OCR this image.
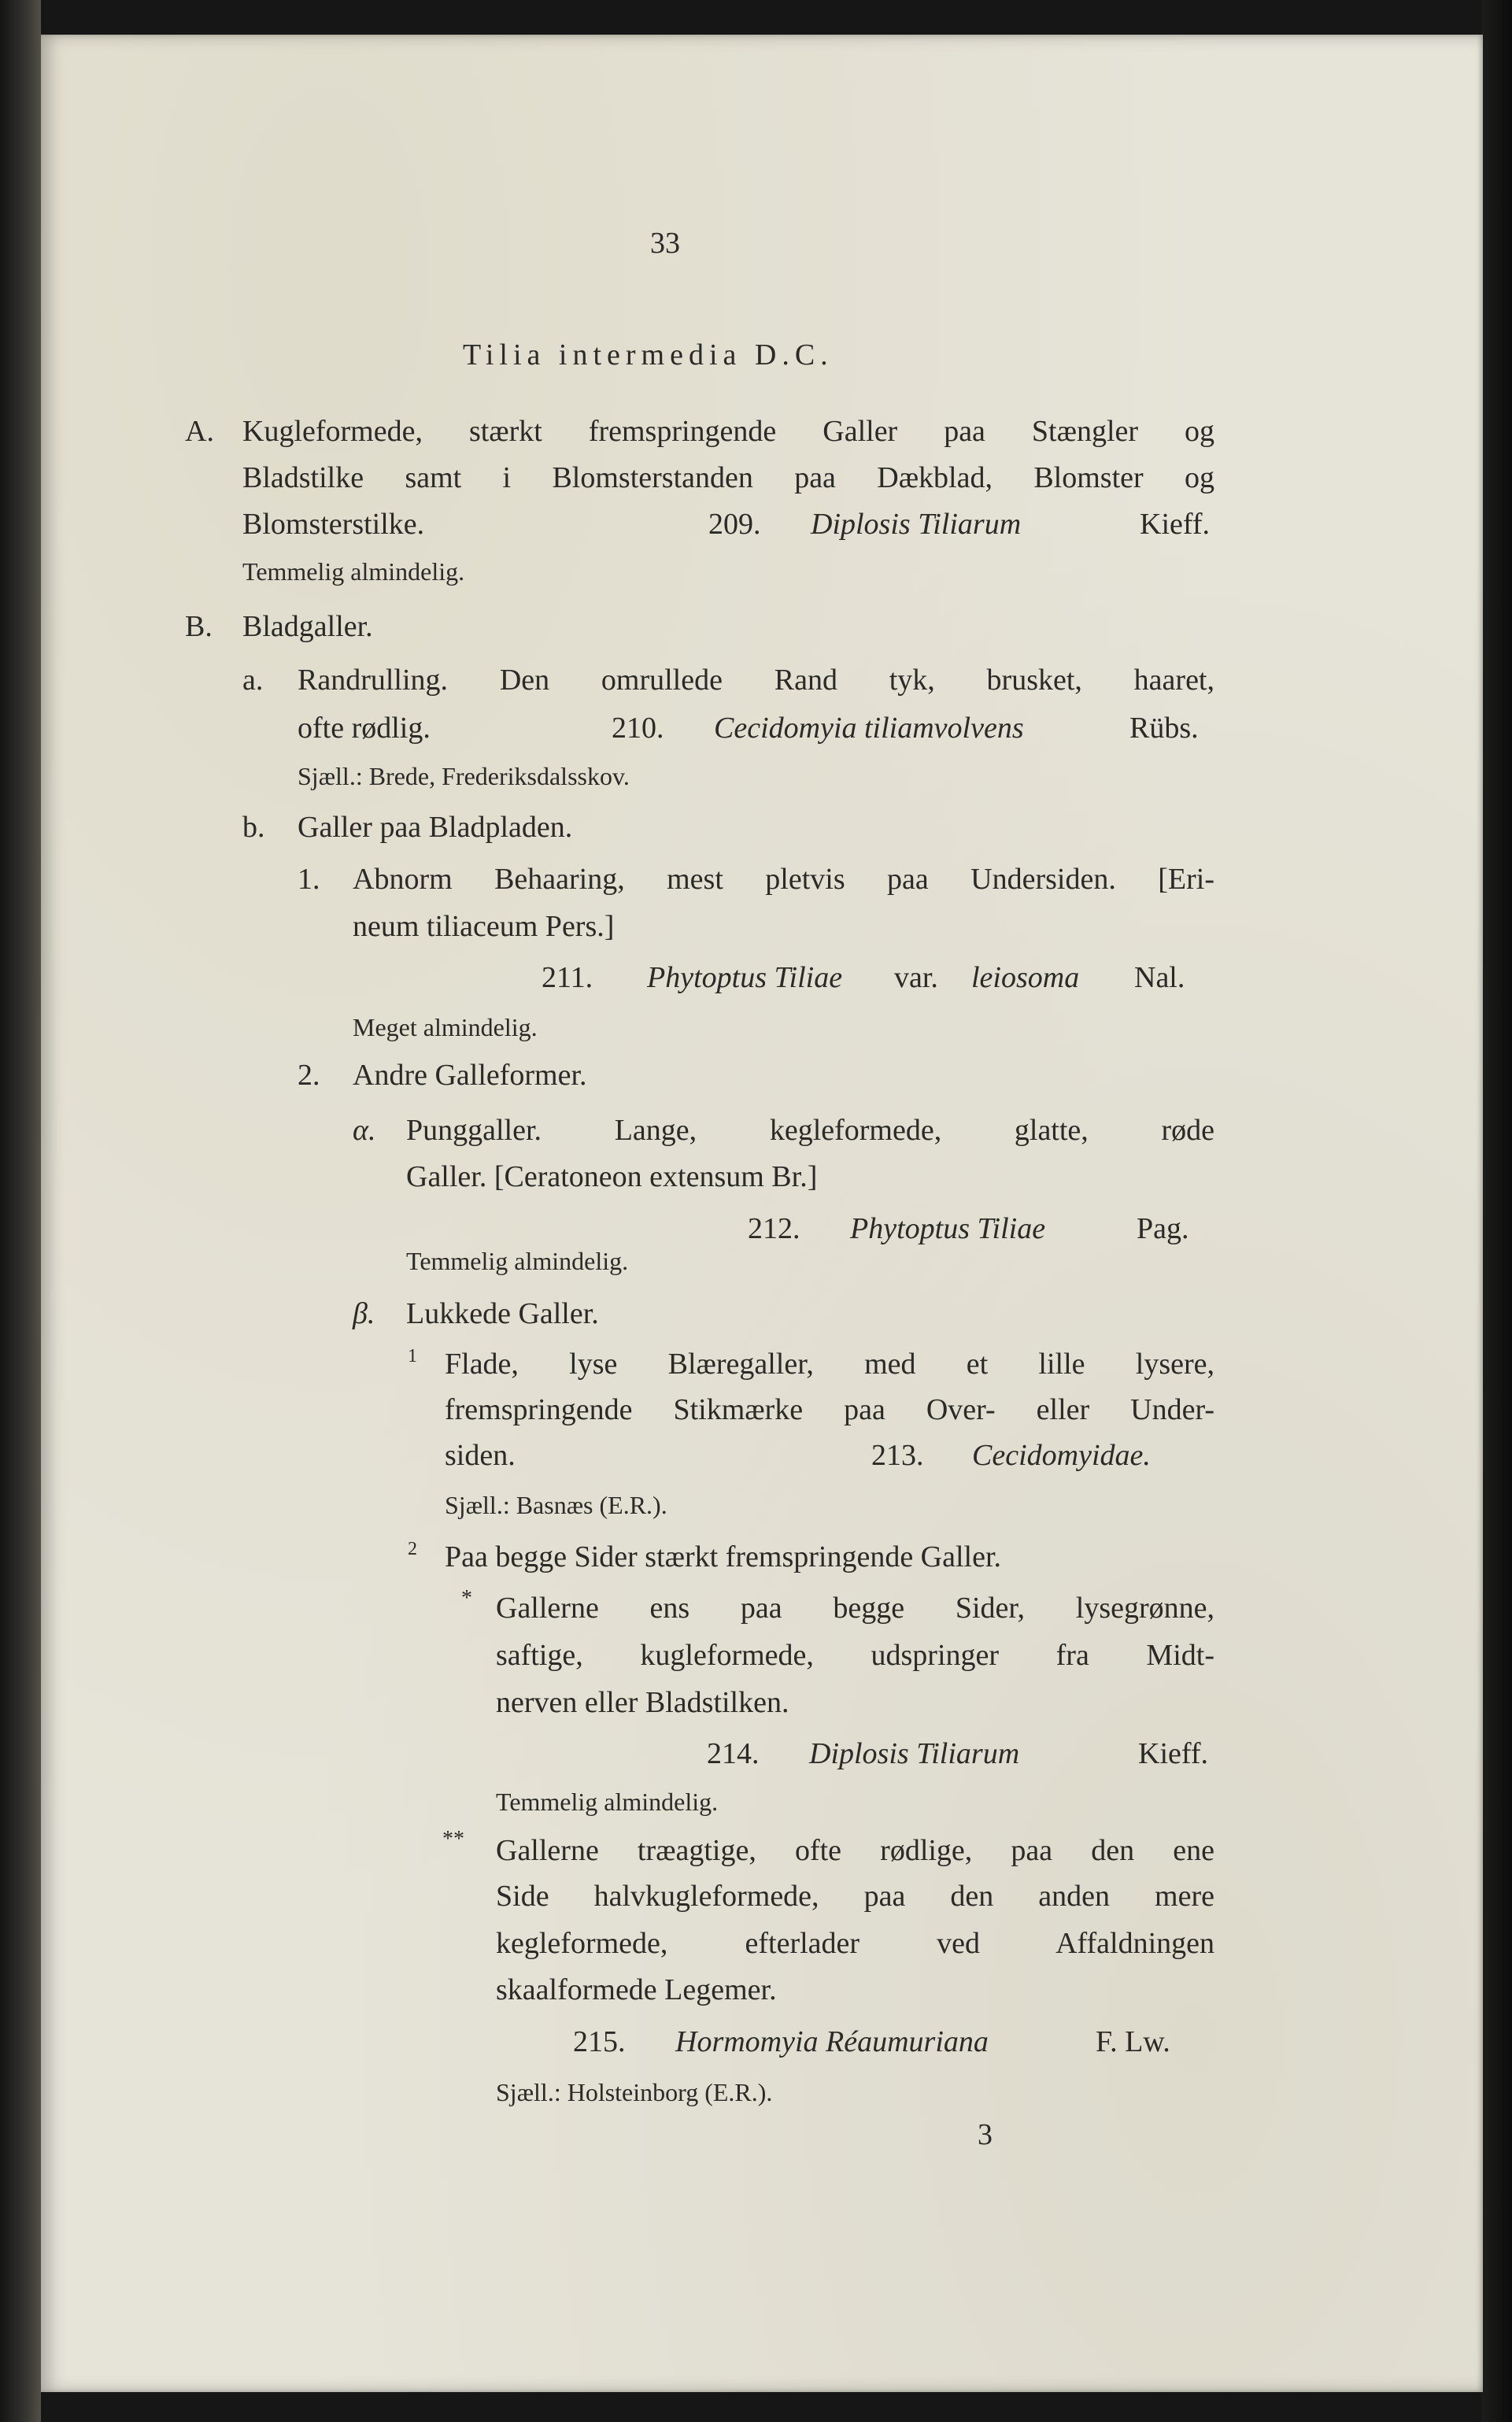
33

Tilia intermedia D.C.

A. Kugleformede, stærkt fremspringende Galler paa Stængler og

Bladstilke samt i Blomsterstanden paa Dækblad, Blomster og

Blomsterstilke.	209. Diplosis Tiliarum	Kieff.

Temmelig almindelig.

B. Bladgaller.

a. Randrulling. Den omrullede Rand tyk, brusket, haaret,

ofte rødlig.	210. Cecidomyia tiliamvolvens	Rübs.

Sjæll.: Brede, Frederiksdalsskov.

b. Galler paa Bladpladen.

1. Abnorm Behaaring, mest pletvis paa Undersiden. [Eri-

neum tiliaceum Pers.]

211. Phytoptus Tiliae var. leiosoma Nal.

Meget almindelig.

2. Andre Galleformer.

α. Punggaller. Lange, kegleformede, glatte, røde

Galler. [Ceratoneon extensum Br.]

212. Phytoptus Tiliae	Pag.

Temmelig almindelig.

β. Lukkede Galler.

1 Flade, lyse Blæregaller, med et lille lysere,

fremspringende Stikmærke paa Over- eller Under-

siden.	213. Cecidomyidae.

Sjæll.: Basnæs (E.R.).

2 Paa begge Sider stærkt fremspringende Galler.

* Gallerne ens paa begge Sider, lysegrønne,

saftige, kugleformede, udspringer fra Midt-

nerven eller Bladstilken.

214. Diplosis Tiliarum	Kieff.

Temmelig almindelig.

** Gallerne træagtige, ofte rødlige, paa den ene

Side halvkugleformede, paa den anden mere

kegleformede, efterlader ved Affaldningen

skaalformede Legemer.

215. Hormomyia Réaumuriana	F. Lw.

Sjæll.: Holsteinborg (E.R.).

3
